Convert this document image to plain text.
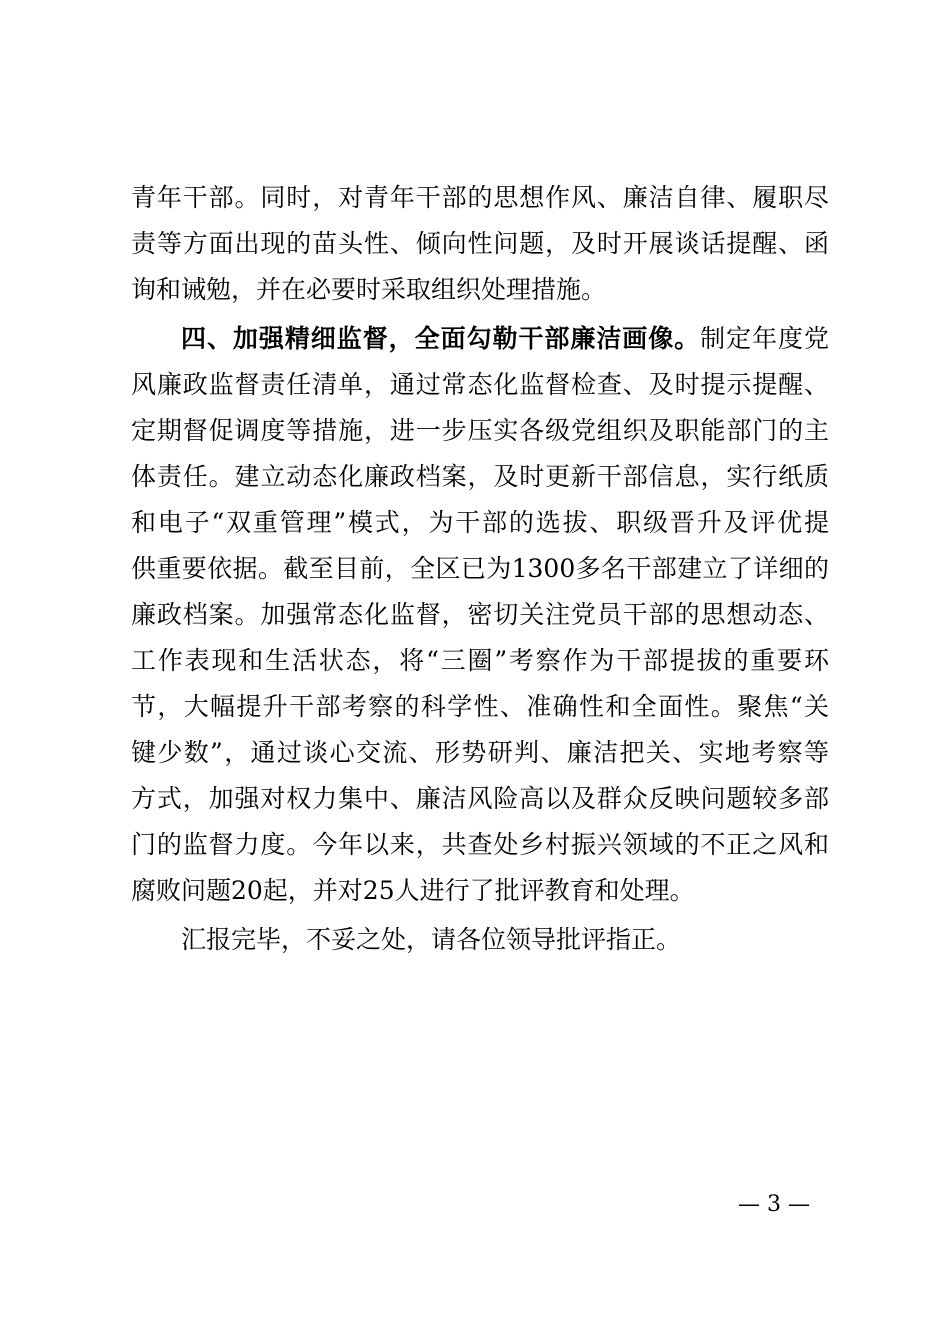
青年干部。同时，对青年干部的思想作风、廉洁自律、履职尽
责等方面出现的苗头性、倾向性问题，及时开展谈话提醒、函
询和诫勉，并在必要时采取组织处理措施。
四、加强精细监督，全面勾勒干部廉洁画像。制定年度党
风廉政监督责任清单，通过常态化监督检查、及时提示提醒、
定期督促调度等措施，进一步压实各级党组织及职能部门的主
体责任。建立动态化廉政档案，及时更新干部信息，实行纸质
和电子“双重管理”模式，为干部的选拔、职级晋升及评优提
供重要依据。截至目前，全区已为1300多名干部建立了详细的
廉政档案。加强常态化监督，密切关注党员干部的思想动态、
工作表现和生活状态，将“三圈”考察作为干部提拔的重要环
节，大幅提升干部考察的科学性、准确性和全面性。聚焦“关
键少数”，通过谈心交流、形势研判、廉洁把关、实地考察等
方式，加强对权力集中、廉洁风险高以及群众反映问题较多部
门的监督力度。今年以来，共查处乡村振兴领域的不正之风和
腐败问题20起，并对25人进行了批评教育和处理。
汇报完毕，不妥之处，请各位领导批评指正。
— 3 —
